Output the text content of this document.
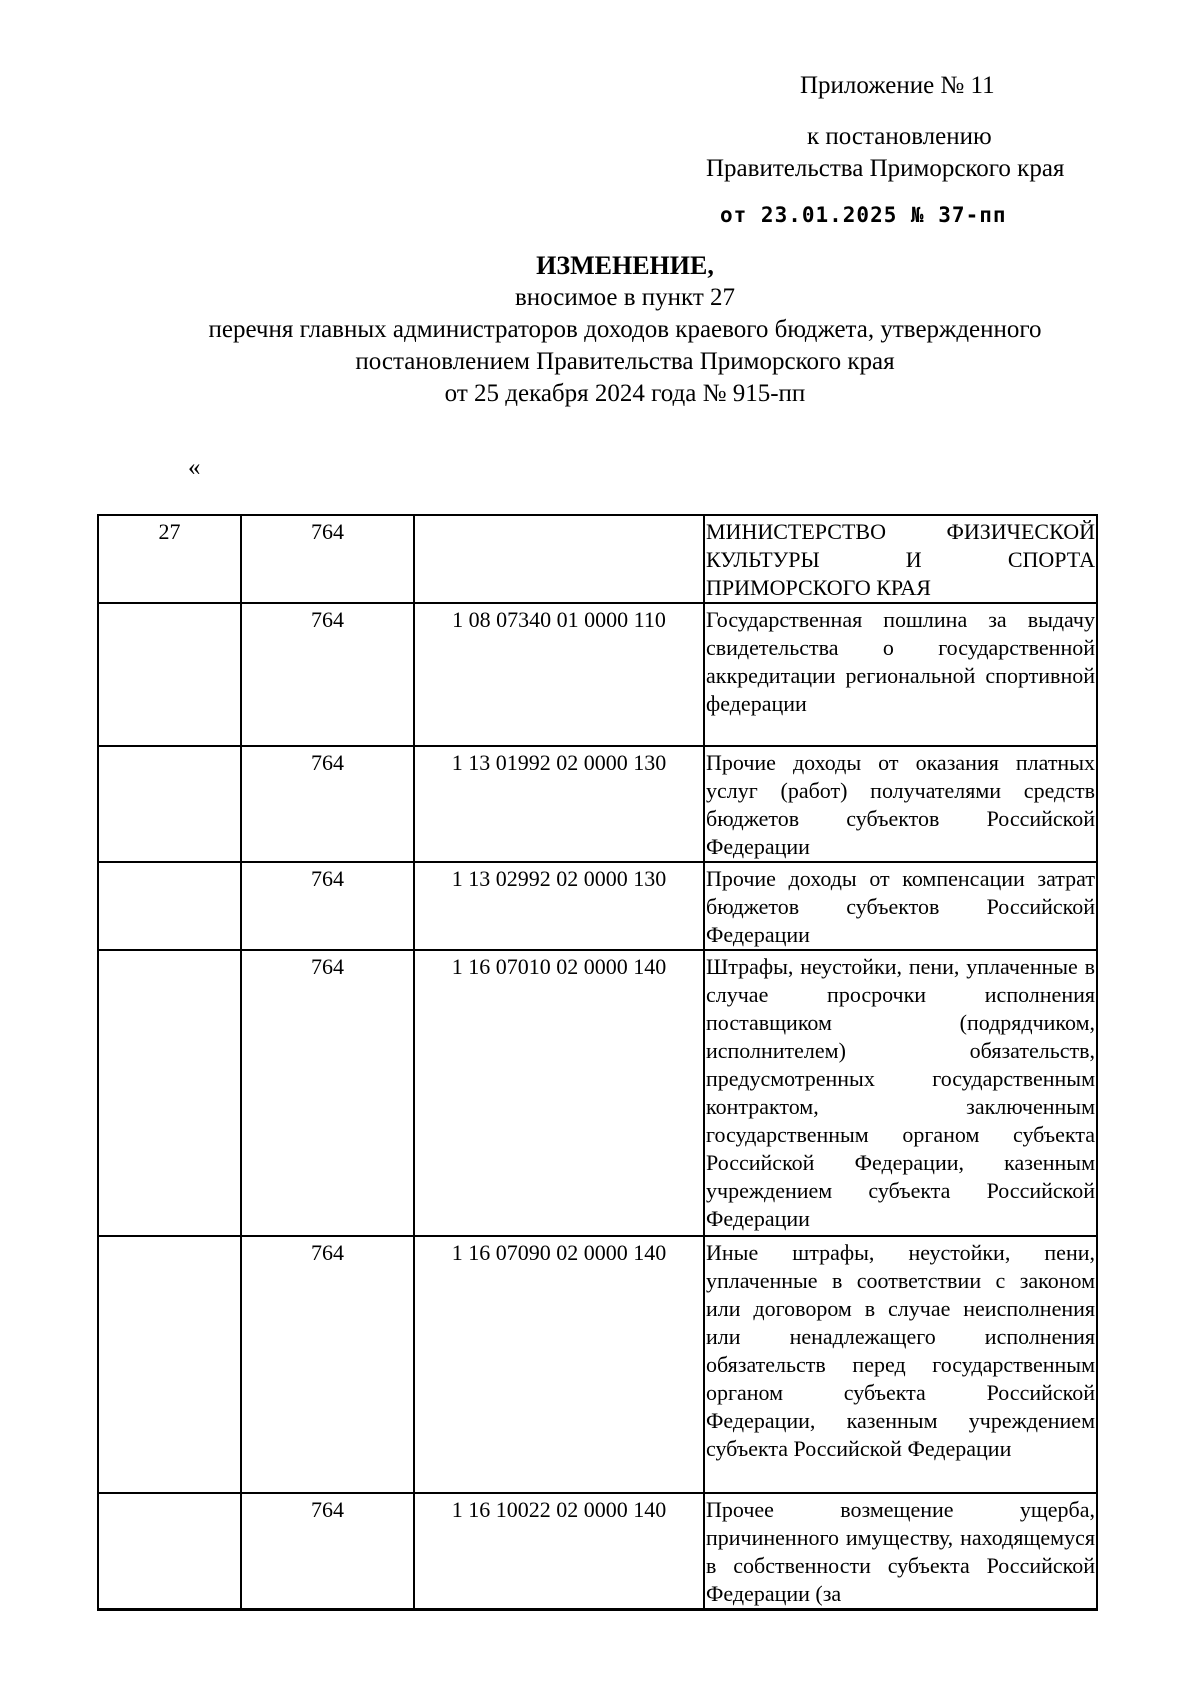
Приложение № 11
к постановлению
Правительства Приморского края
от 23.01.2025 № 37-пп
ИЗМЕНЕНИЕ,
вносимое в пункт 27
перечня главных администраторов доходов краевого бюджета, утвержденного
постановлением Правительства Приморского края
от 25 декабря 2024 года № 915-пп
«
27	764		МИНИСТЕРСТВО ФИЗИЧЕСКОЙ КУЛЬТУРЫ И СПОРТА ПРИМОРСКОГО КРАЯ
	764	1 08 07340 01 0000 110	Государственная пошлина за выдачу свидетельства о государственной аккредитации региональной спортивной федерации
	764	1 13 01992 02 0000 130	Прочие доходы от оказания платных услуг (работ) получателями средств бюджетов субъектов Российской Федерации
	764	1 13 02992 02 0000 130	Прочие доходы от компенсации затрат бюджетов субъектов Российской Федерации
	764	1 16 07010 02 0000 140	Штрафы, неустойки, пени, уплаченные в случае просрочки исполнения поставщиком (подрядчиком, исполнителем) обязательств, предусмотренных государственным контрактом, заключенным государственным органом субъекта Российской Федерации, казенным учреждением субъекта Российской Федерации
	764	1 16 07090 02 0000 140	Иные штрафы, неустойки, пени, уплаченные в соответствии с законом или договором в случае неисполнения или ненадлежащего исполнения обязательств перед государственным органом субъекта Российской Федерации, казенным учреждением субъекта Российской Федерации
	764	1 16 10022 02 0000 140	Прочее возмещение ущерба, причиненного имуществу, находящемуся в собственности субъекта Российской Федерации (за
